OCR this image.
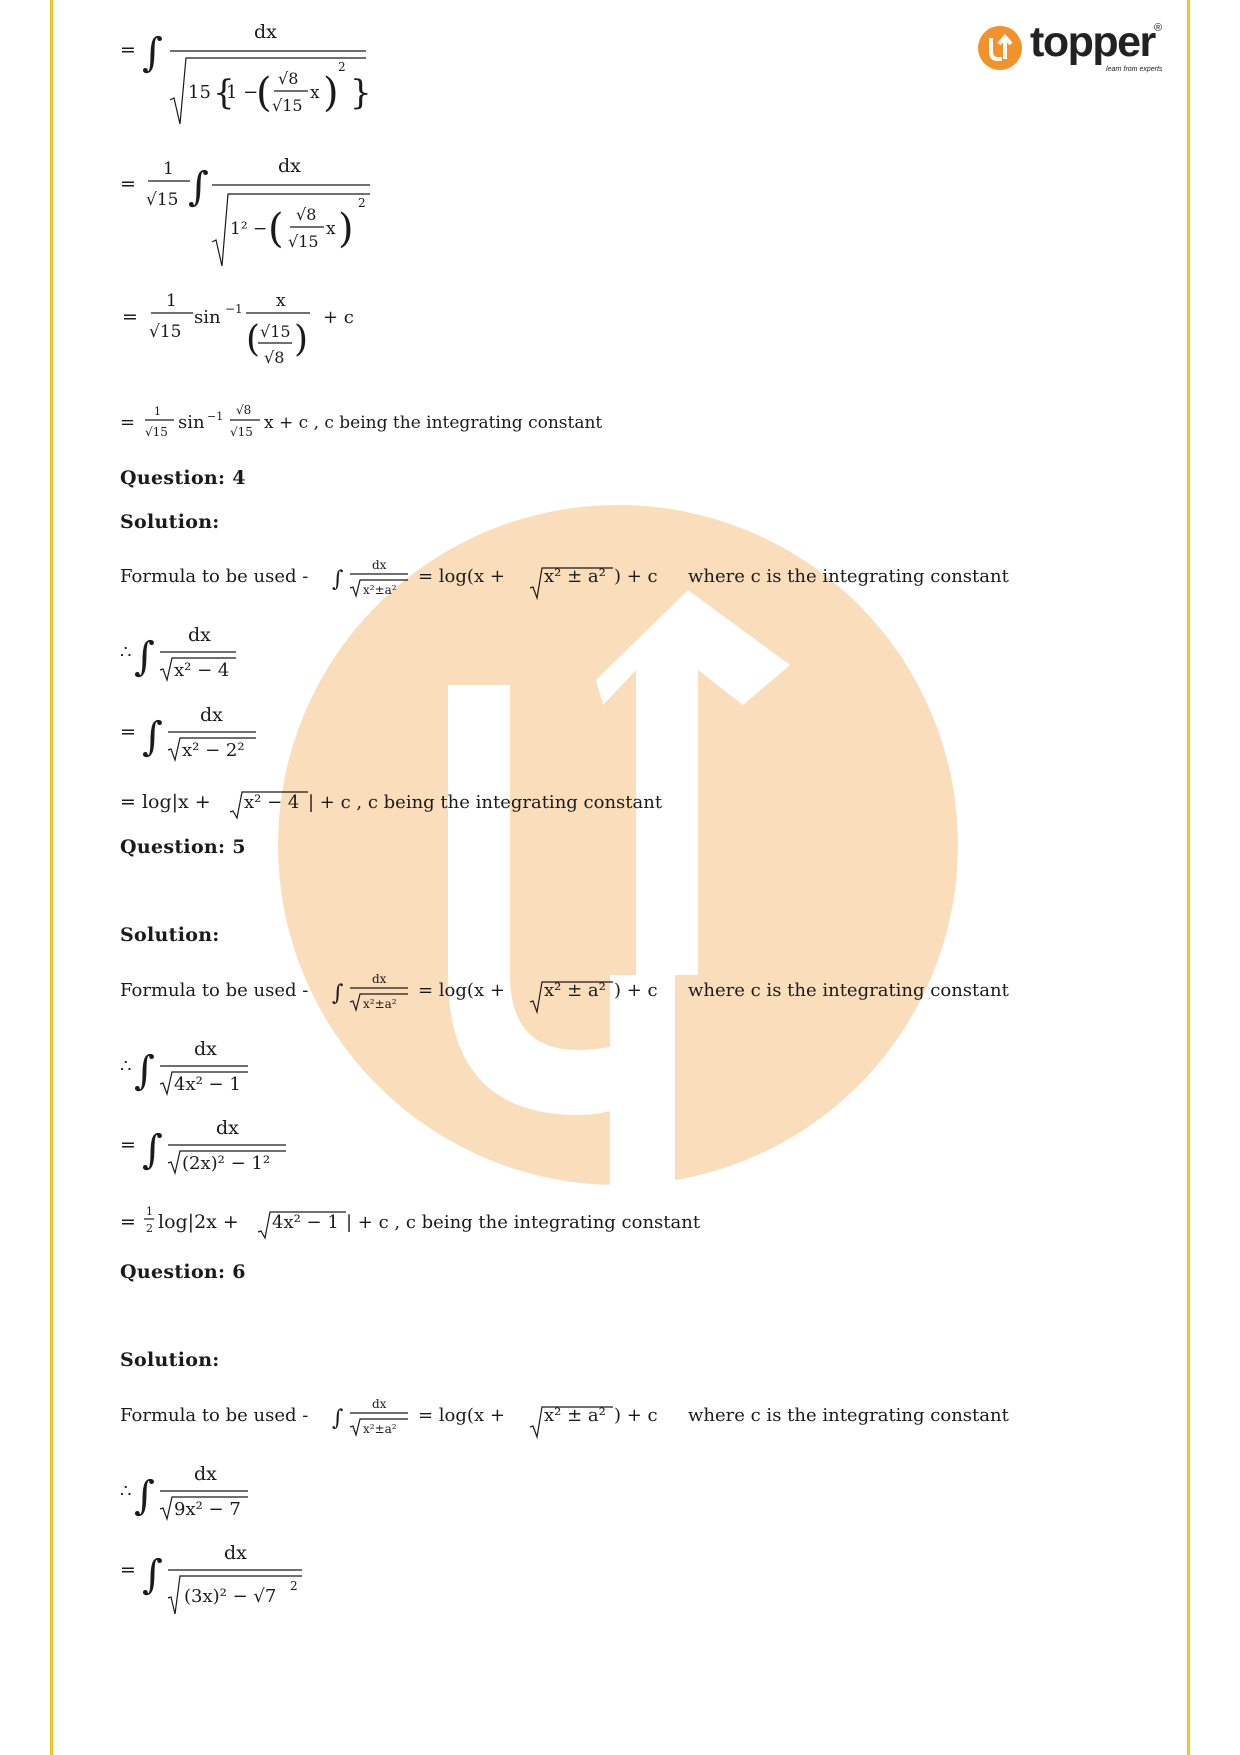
topper ®
learn from experts
= ∫	dx
15 {
1 −
( √8
√15
x )
2
}
=
1
√15 ∫	dx
1² − ( √8
√15
x )
2
=
1
√15
sin −1 x
( √15
√8 )
+ c
=
1
√15 sin −1 √8
√15 x + c , c being the integrating constant
Question: 4
Solution:
Formula to be used - ∫
dx
x²±a²
= log(x + x² ± a² ) + c where c is the integrating constant
∴ ∫ dx
x² − 4
= ∫ dx
x² − 2²
= log|x + x² − 4 | + c , c being the integrating constant
Question: 5
Solution:
Formula to be used - ∫
dx
x²±a²
= log(x + x² ± a² ) + c where c is the integrating constant
∴ ∫ dx
4x² − 1
= ∫	dx
(2x)² − 1²
= 1
2 log|2x + 4x² − 1 | + c , c being the integrating constant
Question: 6
Solution:
Formula to be used - ∫
dx
x²±a²
= log(x + x² ± a² ) + c where c is the integrating constant
∴ ∫ dx
9x² − 7
= ∫	dx
(3x)² − √7 2
